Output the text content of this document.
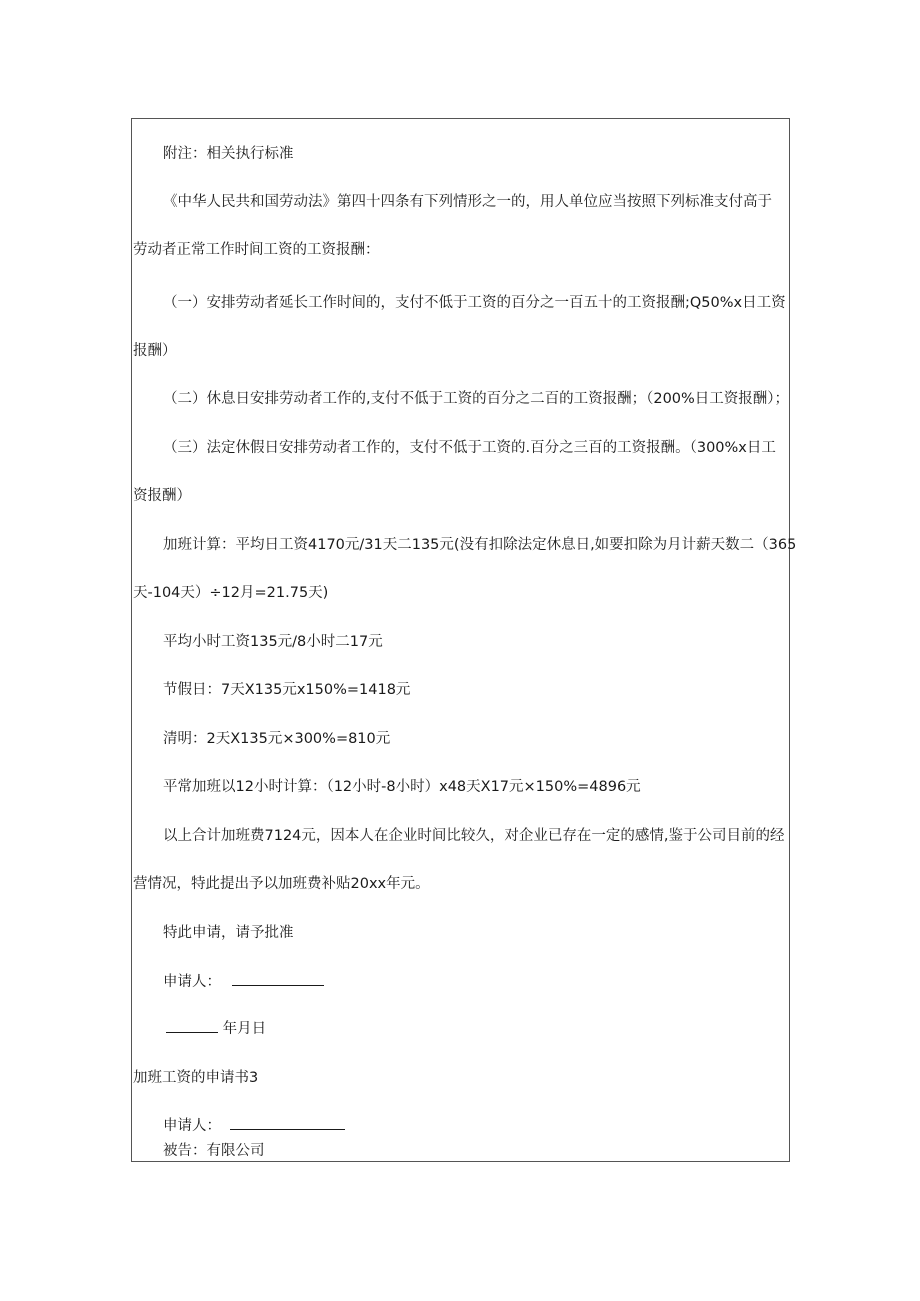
附注：相关执行标准
《中华人民共和国劳动法》第四十四条有下列情形之一的，用人单位应当按照下列标准支付高于
劳动者正常工作时间工资的工资报酬：
（一）安排劳动者延长工作时间的，支付不低于工资的百分之一百五十的工资报酬;Q50%x日工资
报酬）
（二）休息日安排劳动者工作的,支付不低于工资的百分之二百的工资报酬；（200%日工资报酬）；
（三）法定休假日安排劳动者工作的，支付不低于工资的.百分之三百的工资报酬。（300%x日工
资报酬）
加班计算：平均日工资4170元/31天二135元(没有扣除法定休息日,如要扣除为月计薪天数二（365
天-104天）÷12月=21.75天)
平均小时工资135元/8小时二17元
节假日：7天X135元x150%=1418元
清明：2天X135元×300%=810元
平常加班以12小时计算：（12小时-8小时）x48天X17元×150%=4896元
以上合计加班费7124元，因本人在企业时间比较久，对企业已存在一定的感情,鉴于公司目前的经
营情况，特此提出予以加班费补贴20xx年元。
特此申请，请予批准
申请人：
年月日
加班工资的申请书3
申请人：
被告：有限公司
